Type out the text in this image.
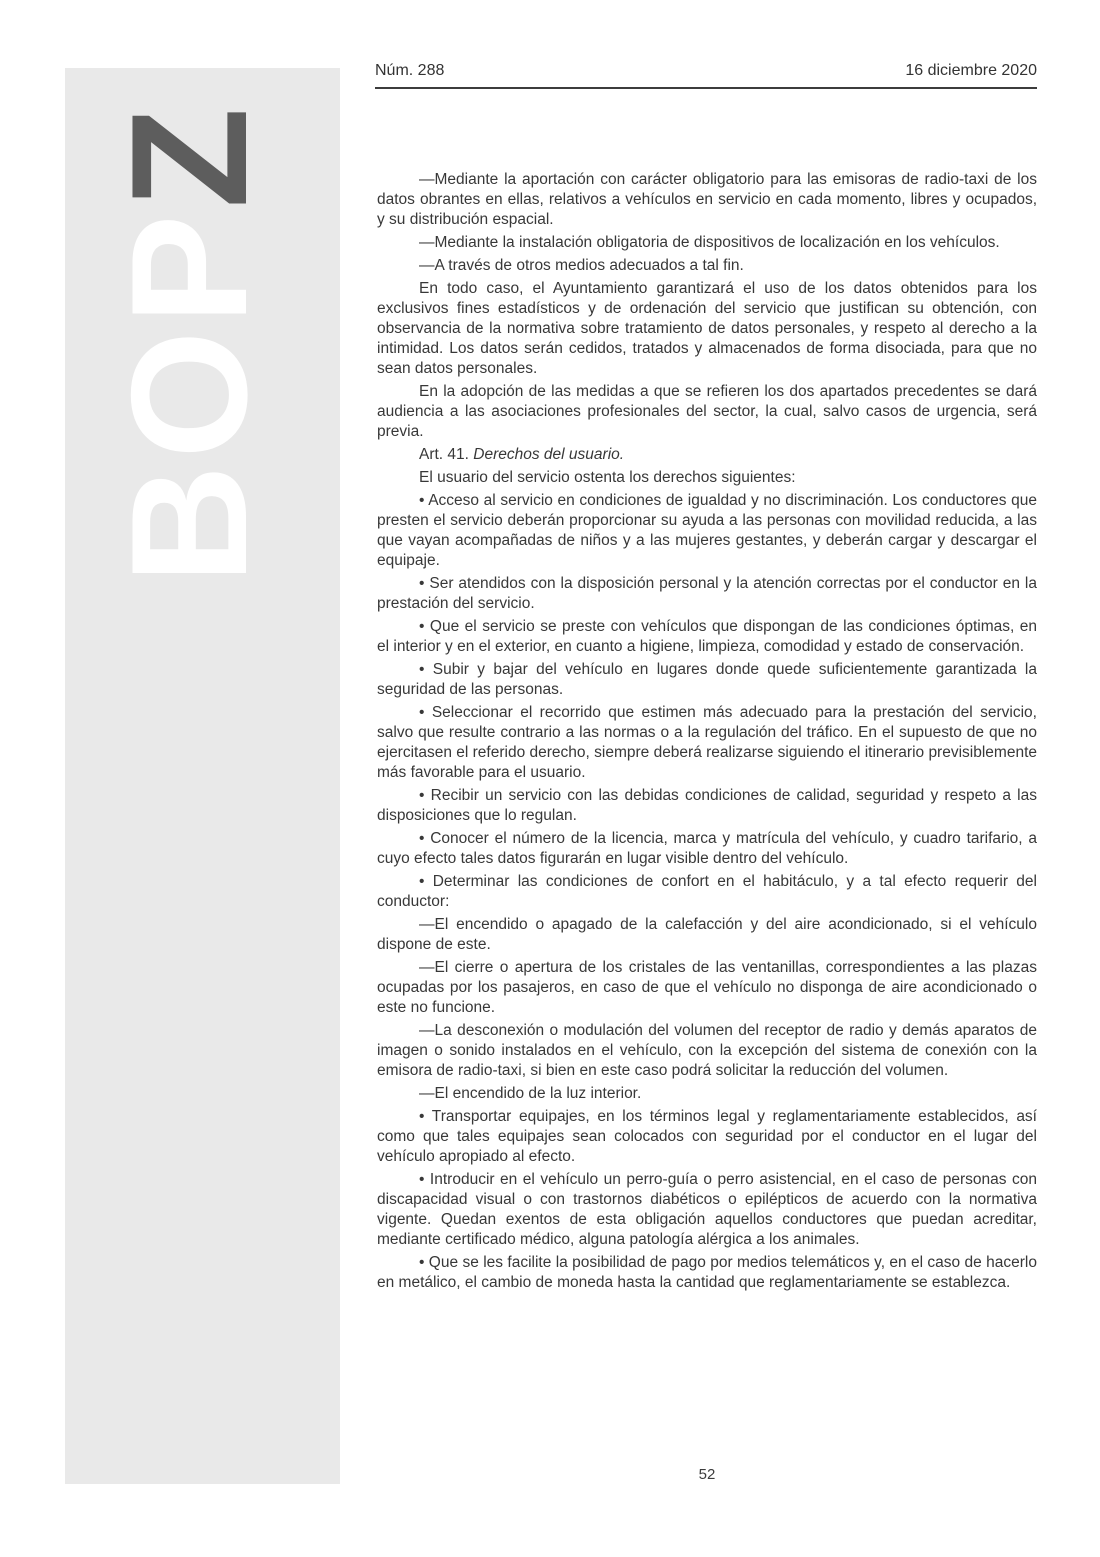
BOPZ
Núm. 288	16 diciembre 2020

—Mediante la aportación con carácter obligatorio para las emisoras de radio-taxi de los datos obrantes en ellas, relativos a vehículos en servicio en cada momento, libres y ocupados, y su distribución espacial.

—Mediante la instalación obligatoria de dispositivos de localización en los vehículos.

—A través de otros medios adecuados a tal fin.

En todo caso, el Ayuntamiento garantizará el uso de los datos obtenidos para los exclusivos fines estadísticos y de ordenación del servicio que justifican su obtención, con observancia de la normativa sobre tratamiento de datos personales, y respeto al derecho a la intimidad. Los datos serán cedidos, tratados y almacenados de forma disociada, para que no sean datos personales.

En la adopción de las medidas a que se refieren los dos apartados precedentes se dará audiencia a las asociaciones profesionales del sector, la cual, salvo casos de urgencia, será previa.

Art. 41. Derechos del usuario.

El usuario del servicio ostenta los derechos siguientes:

• Acceso al servicio en condiciones de igualdad y no discriminación. Los conductores que presten el servicio deberán proporcionar su ayuda a las personas con movilidad reducida, a las que vayan acompañadas de niños y a las mujeres gestantes, y deberán cargar y descargar el equipaje.

• Ser atendidos con la disposición personal y la atención correctas por el conductor en la prestación del servicio.

• Que el servicio se preste con vehículos que dispongan de las condiciones óptimas, en el interior y en el exterior, en cuanto a higiene, limpieza, comodidad y estado de conservación.

• Subir y bajar del vehículo en lugares donde quede suficientemente garantizada la seguridad de las personas.

• Seleccionar el recorrido que estimen más adecuado para la prestación del servicio, salvo que resulte contrario a las normas o a la regulación del tráfico. En el supuesto de que no ejercitasen el referido derecho, siempre deberá realizarse siguiendo el itinerario previsiblemente más favorable para el usuario.

• Recibir un servicio con las debidas condiciones de calidad, seguridad y respeto a las disposiciones que lo regulan.

• Conocer el número de la licencia, marca y matrícula del vehículo, y cuadro tarifario, a cuyo efecto tales datos figurarán en lugar visible dentro del vehículo.

• Determinar las condiciones de confort en el habitáculo, y a tal efecto requerir del conductor:

—El encendido o apagado de la calefacción y del aire acondicionado, si el vehículo dispone de este.

—El cierre o apertura de los cristales de las ventanillas, correspondientes a las plazas ocupadas por los pasajeros, en caso de que el vehículo no disponga de aire acondicionado o este no funcione.

—La desconexión o modulación del volumen del receptor de radio y demás aparatos de imagen o sonido instalados en el vehículo, con la excepción del sistema de conexión con la emisora de radio-taxi, si bien en este caso podrá solicitar la reducción del volumen.

—El encendido de la luz interior.

• Transportar equipajes, en los términos legal y reglamentariamente establecidos, así como que tales equipajes sean colocados con seguridad por el conductor en el lugar del vehículo apropiado al efecto.

• Introducir en el vehículo un perro-guía o perro asistencial, en el caso de personas con discapacidad visual o con trastornos diabéticos o epilépticos de acuerdo con la normativa vigente. Quedan exentos de esta obligación aquellos conductores que puedan acreditar, mediante certificado médico, alguna patología alérgica a los animales.

• Que se les facilite la posibilidad de pago por medios telemáticos y, en el caso de hacerlo en metálico, el cambio de moneda hasta la cantidad que reglamentariamente se establezca.

52
